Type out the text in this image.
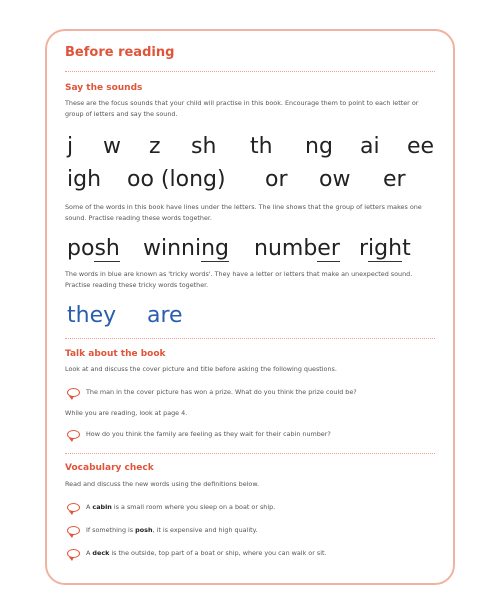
Before reading
Say the sounds
These are the focus sounds that your child will practise in this book. Encourage them to point to each letter or group of letters and say the sound.
j w z sh th ng ai ee
igh oo (long) or ow er
Some of the words in this book have lines under the letters. The line shows that the group of letters makes one sound. Practise reading these words together.
posh winning number right
The words in blue are known as 'tricky words'. They have a letter or letters that make an unexpected sound. Practise reading these tricky words together.
they are
Talk about the book
Look at and discuss the cover picture and title before asking the following questions.
The man in the cover picture has won a prize. What do you think the prize could be?
While you are reading, look at page 4.
How do you think the family are feeling as they wait for their cabin number?
Vocabulary check
Read and discuss the new words using the definitions below.
A cabin is a small room where you sleep on a boat or ship.
If something is posh, it is expensive and high quality.
A deck is the outside, top part of a boat or ship, where you can walk or sit.
